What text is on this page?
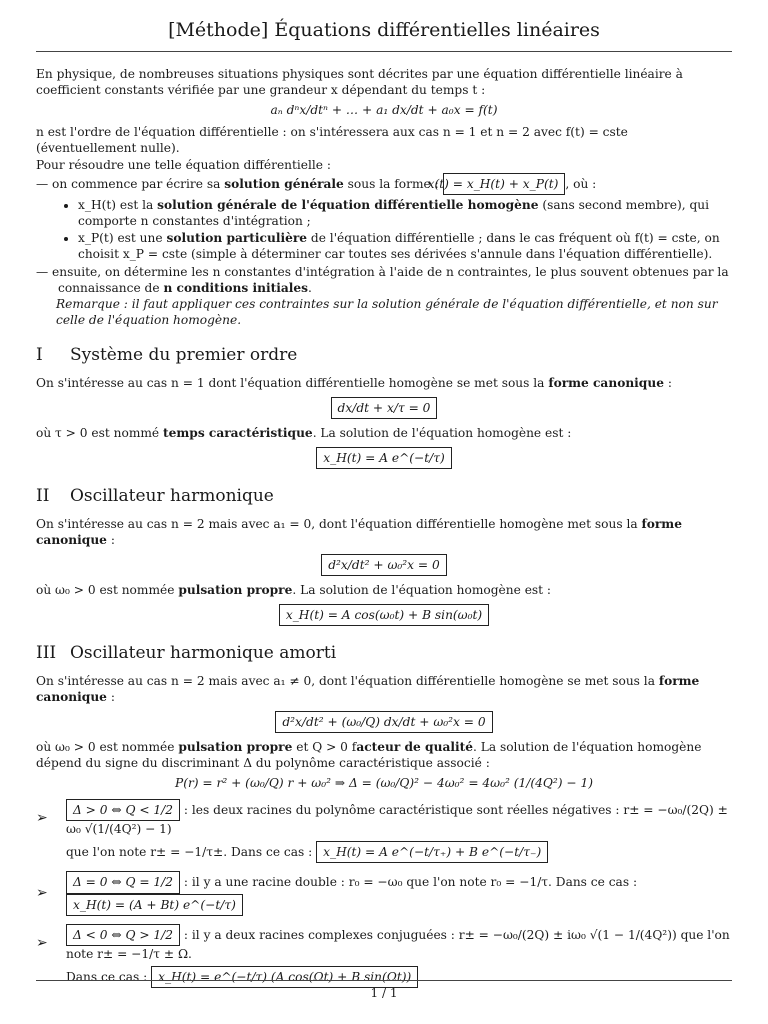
[Méthode] Équations différentielles linéaires

En physique, de nombreuses situations physiques sont décrites par une équation différentielle linéaire à coefficient constants vérifiée par une grandeur x dépendant du temps t :

aₙ dⁿx/dtⁿ + … + a₁ dx/dt + a₀x = f(t)

n est l'ordre de l'équation différentielle : on s'intéressera aux cas n = 1 et n = 2 avec f(t) = cste (éventuellement nulle).

Pour résoudre une telle équation différentielle :

— on commence par écrire sa solution générale sous la forme : x(t) = x_H(t) + x_P(t) , où :

• x_H(t) est la solution générale de l'équation différentielle homogène (sans second membre), qui comporte n constantes d'intégration ;
• x_P(t) est une solution particulière de l'équation différentielle ; dans le cas fréquent où f(t) = cste, on choisit x_P = cste (simple à déterminer car toutes ses dérivées s'annule dans l'équation différentielle).

— ensuite, on détermine les n constantes d'intégration à l'aide de n contraintes, le plus souvent obtenues par la connaissance de n conditions initiales.

Remarque : il faut appliquer ces contraintes sur la solution générale de l'équation différentielle, et non sur celle de l'équation homogène.

I Système du premier ordre

On s'intéresse au cas n = 1 dont l'équation différentielle homogène se met sous la forme canonique :

dx/dt + x/τ = 0

où τ > 0 est nommé temps caractéristique. La solution de l'équation homogène est :

x_H(t) = A e^(−t/τ)
II Oscillateur harmonique

On s'intéresse au cas n = 2 mais avec a₁ = 0, dont l'équation différentielle homogène met sous la forme canonique :

d²x/dt² + ω₀²x = 0

où ω₀ > 0 est nommée pulsation propre. La solution de l'équation homogène est :

x_H(t) = A cos(ω₀t) + B sin(ω₀t)
III Oscillateur harmonique amorti

On s'intéresse au cas n = 2 mais avec a₁ ≠ 0, dont l'équation différentielle homogène se met sous la forme canonique :

d²x/dt² + (ω₀/Q) dx/dt + ω₀²x = 0

où ω₀ > 0 est nommée pulsation propre et Q > 0 facteur de qualité. La solution de l'équation homogène dépend du signe du discriminant Δ du polynôme caractéristique associé :

P(r) = r² + (ω₀/Q) r + ω₀² ⇒ Δ = (ω₀/Q)² − 4ω₀² = 4ω₀² (1/(4Q²) − 1)
➢	Δ > 0 ⇔ Q < 1/2 : les deux racines du polynôme caractéristique sont réelles négatives : r± = −ω₀/(2Q) ± ω₀ √(1/(4Q²) − 1)
que l'on note r± = −1/τ±. Dans ce cas : x_H(t) = A e^(−t/τ₊) + B e^(−t/τ₋)
➢
Δ = 0 ⇔ Q = 1/2 : il y a une racine double : r₀ = −ω₀ que l'on note r₀ = −1/τ. Dans ce cas : x_H(t) = (A + Bt) e^(−t/τ)
➢	Δ < 0 ⇔ Q > 1/2 : il y a deux racines complexes conjuguées : r± = −ω₀/(2Q) ± iω₀ √(1 − 1/(4Q²)) que l'on note r± = −1/τ ± Ω.
Dans ce cas : x_H(t) = e^(−t/τ) (A cos(Ωt) + B sin(Ωt))
1 / 1
